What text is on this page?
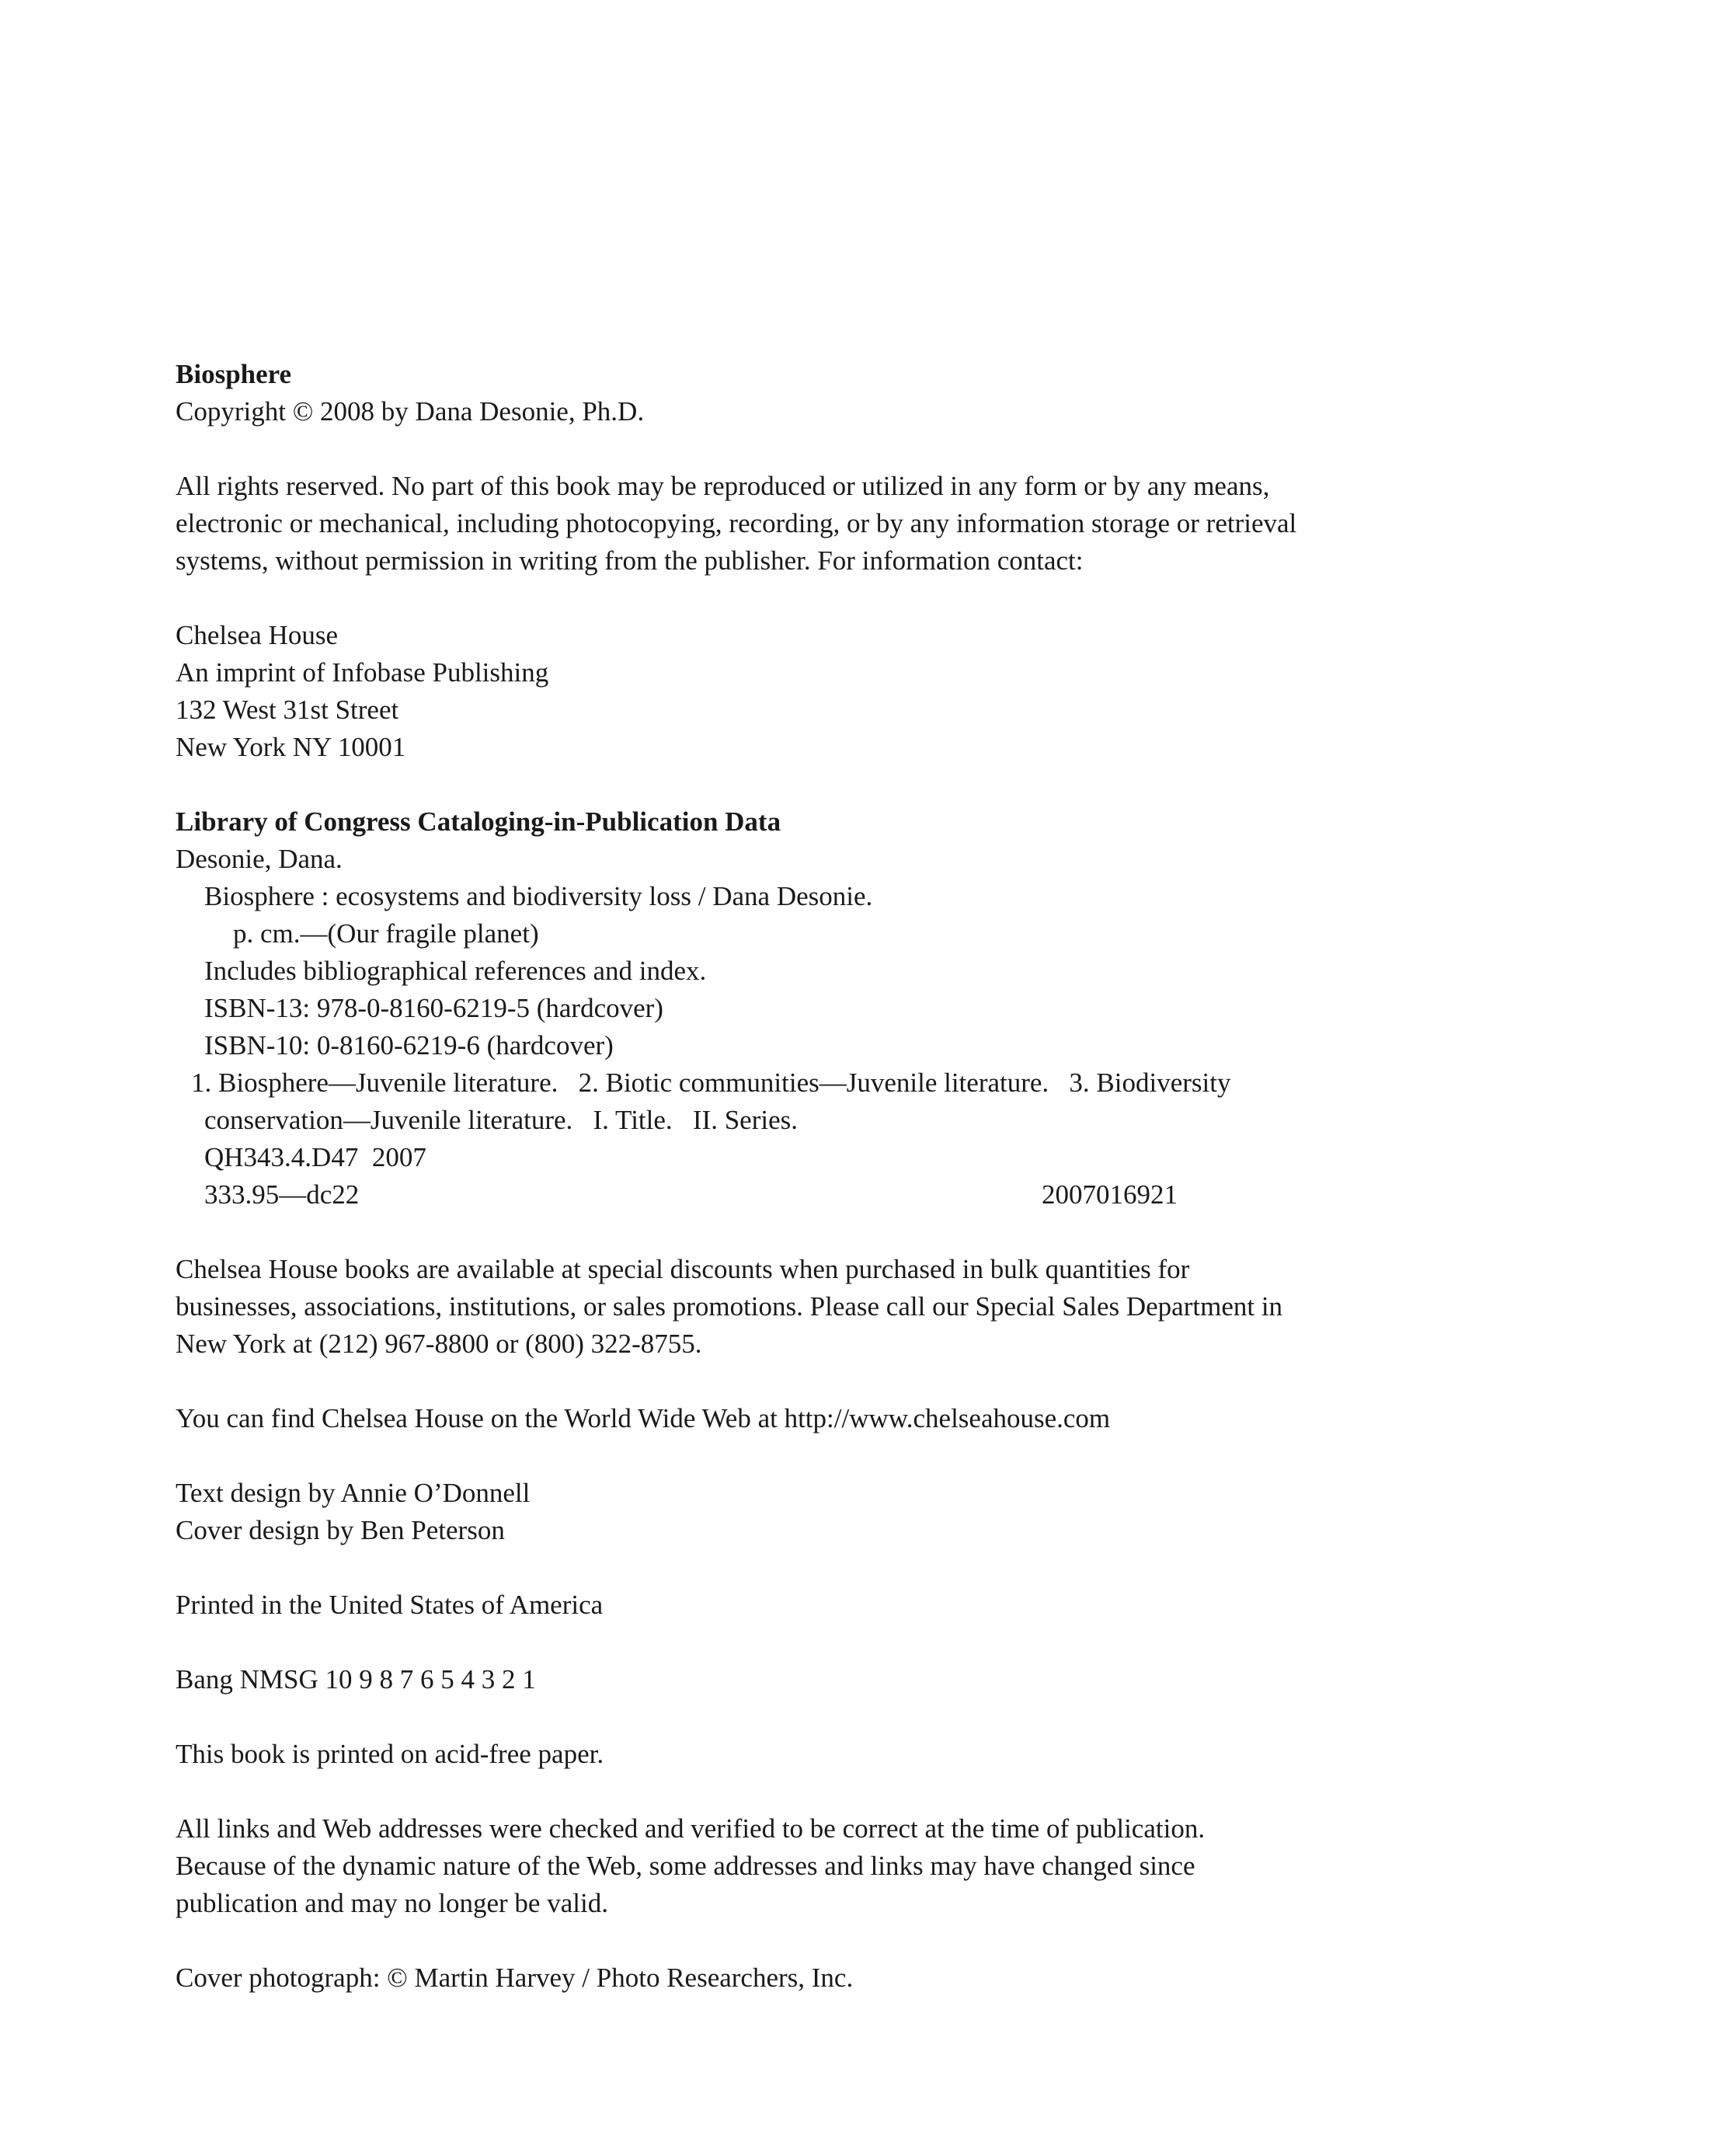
Biosphere
Copyright © 2008 by Dana Desonie, Ph.D.
All rights reserved. No part of this book may be reproduced or utilized in any form or by any means,
electronic or mechanical, including photocopying, recording, or by any information storage or retrieval
systems, without permission in writing from the publisher. For information contact:
Chelsea House
An imprint of Infobase Publishing
132 West 31st Street
New York NY 10001
Library of Congress Cataloging-in-Publication Data
Desonie, Dana.
Biosphere : ecosystems and biodiversity loss / Dana Desonie.
p. cm.—(Our fragile planet)
Includes bibliographical references and index.
ISBN-13: 978-0-8160-6219-5 (hardcover)
ISBN-10: 0-8160-6219-6 (hardcover)
1. Biosphere—Juvenile literature.   2. Biotic communities—Juvenile literature.   3. Biodiversity
conservation—Juvenile literature.   I. Title.   II. Series.
QH343.4.D47  2007
333.95—dc22	2007016921
Chelsea House books are available at special discounts when purchased in bulk quantities for
businesses, associations, institutions, or sales promotions. Please call our Special Sales Department in
New York at (212) 967-8800 or (800) 322-8755.
You can find Chelsea House on the World Wide Web at http://www.chelseahouse.com
Text design by Annie O’Donnell
Cover design by Ben Peterson
Printed in the United States of America
Bang NMSG 10 9 8 7 6 5 4 3 2 1
This book is printed on acid-free paper.
All links and Web addresses were checked and verified to be correct at the time of publication.
Because of the dynamic nature of the Web, some addresses and links may have changed since
publication and may no longer be valid.
Cover photograph: © Martin Harvey / Photo Researchers, Inc.
